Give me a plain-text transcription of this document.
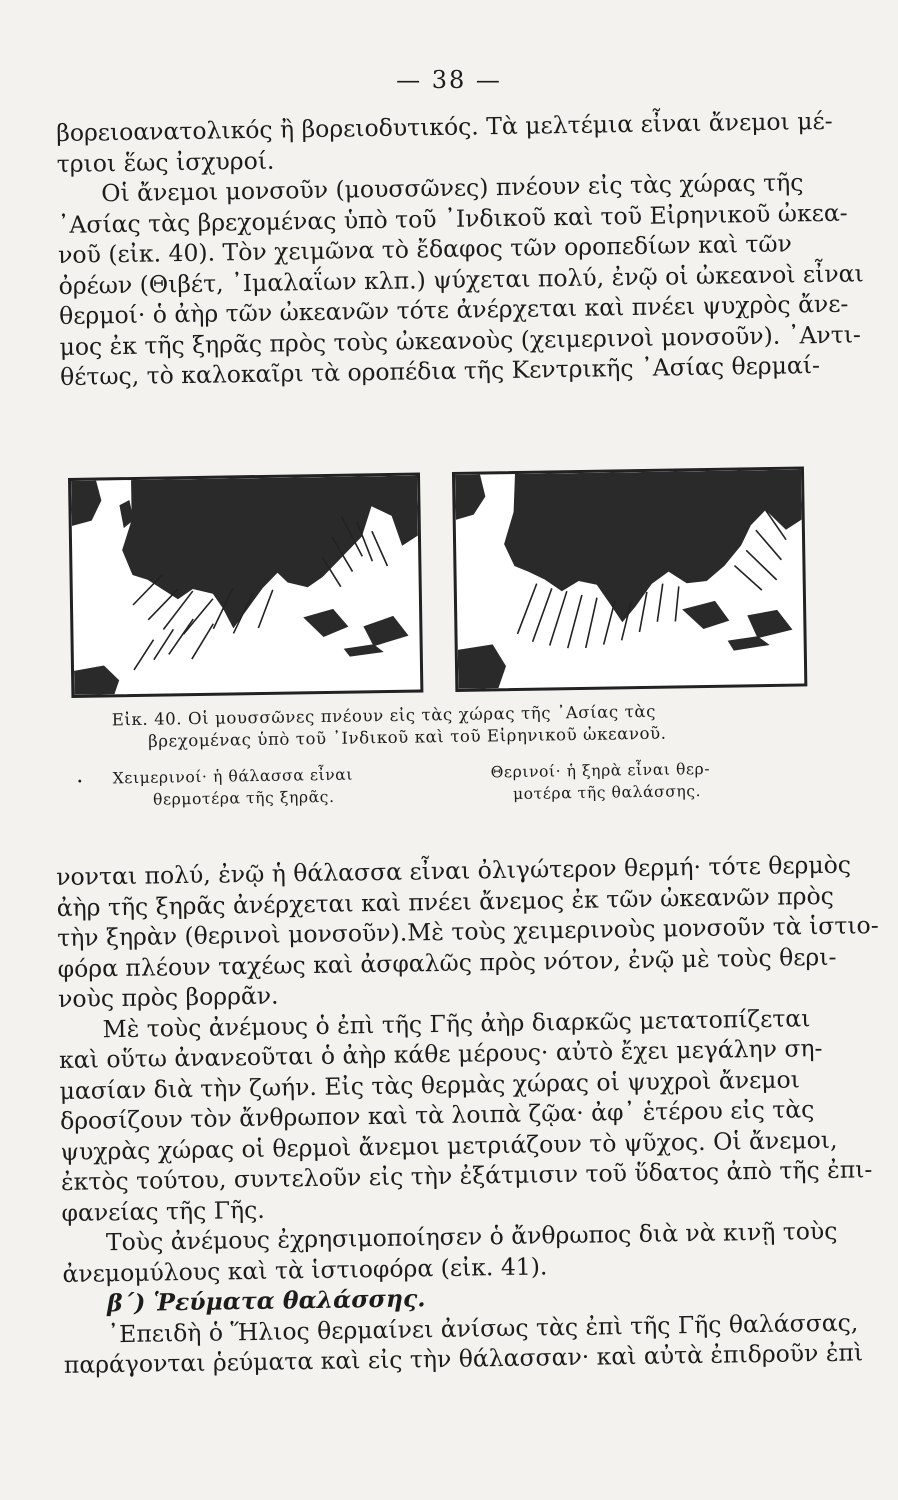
— 38 —

βορειοανατολικός ἢ βορειοδυτικός. Τὰ μελτέμια εἶναι ἄνεμοι μέ-
τριοι ἕως ἰσχυροί.

Οἱ ἄνεμοι μονσοῦν (μουσσῶνες) πνέουν εἰς τὰς χώρας τῆς
᾿Ασίας τὰς βρεχομένας ὑπὸ τοῦ ᾿Ινδικοῦ καὶ τοῦ Εἰρηνικοῦ ὠκεα-
νοῦ (εἰκ. 40). Τὸν χειμῶνα τὸ ἔδαφος τῶν οροπεδίων καὶ τῶν
ὀρέων (Θιβέτ, ᾿Ιμαλαΐων κλπ.) ψύχεται πολύ, ἐνῷ οἱ ὠκεανοὶ εἶναι
θερμοί· ὁ ἀὴρ τῶν ὠκεανῶν τότε ἀνέρχεται καὶ πνέει ψυχρὸς ἄνε-
μος ἐκ τῆς ξηρᾶς πρὸς τοὺς ὠκεανοὺς (χειμερινοὶ μονσοῦν). ᾿Αντι-
θέτως, τὸ καλοκαῖρι τὰ οροπέδια τῆς Κεντρικῆς ᾿Ασίας θερμαί-

Εἰκ. 40. Οἱ μουσσῶνες πνέουν εἰς τὰς χώρας τῆς ᾿Ασίας τὰς
βρεχομένας ὑπὸ τοῦ ᾿Ινδικοῦ καὶ τοῦ Εἰρηνικοῦ ὠκεανοῦ.
• Χειμερινοί· ἡ θάλασσα εἶναι
θερμοτέρα τῆς ξηρᾶς.
Θερινοί· ἡ ξηρὰ εἶναι θερ-
μοτέρα τῆς θαλάσσης.

νονται πολύ, ἐνῷ ἡ θάλασσα εἶναι ὀλιγώτερον θερμή· τότε θερμὸς
ἀὴρ τῆς ξηρᾶς ἀνέρχεται καὶ πνέει ἄνεμος ἐκ τῶν ὠκεανῶν πρὸς
τὴν ξηρὰν (θερινοὶ μονσοῦν).Μὲ τοὺς χειμερινοὺς μονσοῦν τὰ ἱστιο-
φόρα πλέουν ταχέως καὶ ἀσφαλῶς πρὸς νότον, ἐνῷ μὲ τοὺς θερι-
νοὺς πρὸς βορρᾶν.

Μὲ τοὺς ἀνέμους ὁ ἐπὶ τῆς Γῆς ἀὴρ διαρκῶς μετατοπίζεται
καὶ οὕτω ἀνανεοῦται ὁ ἀὴρ κάθε μέρους· αὐτὸ ἔχει μεγάλην ση-
μασίαν διὰ τὴν ζωήν. Εἰς τὰς θερμὰς χώρας οἱ ψυχροὶ ἄνεμοι
δροσίζουν τὸν ἄνθρωπον καὶ τὰ λοιπὰ ζῷα· ἀφ᾿ ἑτέρου εἰς τὰς
ψυχρὰς χώρας οἱ θερμοὶ ἄνεμοι μετριάζουν τὸ ψῦχος. Οἱ ἄνεμοι,
ἐκτὸς τούτου, συντελοῦν εἰς τὴν ἐξάτμισιν τοῦ ὕδατος ἀπὸ τῆς ἐπι-
φανείας τῆς Γῆς.

Τοὺς ἀνέμους ἐχρησιμοποίησεν ὁ ἄνθρωπος διὰ νὰ κινῇ τοὺς
ἀνεμομύλους καὶ τὰ ἱστιοφόρα (εἰκ. 41).

β΄) Ῥεύματα θαλάσσης.

᾿Επειδὴ ὁ Ἥλιος θερμαίνει ἀνίσως τὰς ἐπὶ τῆς Γῆς θαλάσσας,
παράγονται ῥεύματα καὶ εἰς τὴν θάλασσαν· καὶ αὐτὰ ἐπιδροῦν ἐπὶ
